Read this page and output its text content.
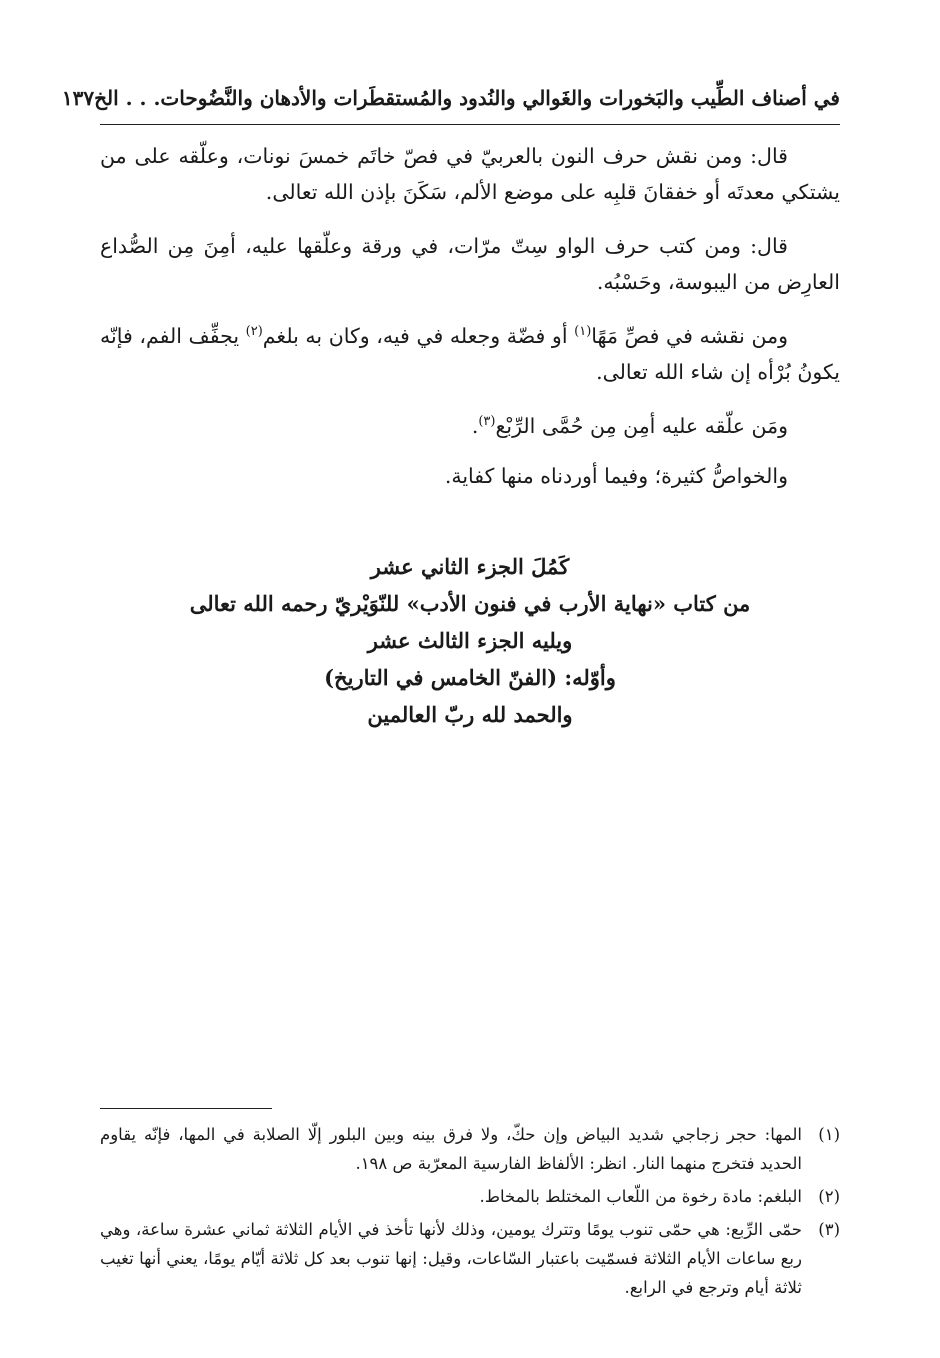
في أصناف الطِّيب والبَخورات والغَوالي والنُدود والمُستقطَرات والأدهان والنَّضُوحات. . . الخ
١٣٧

قال: ومن نقش حرف النون بالعربيّ في فصّ خاتَم خمسَ نونات، وعلّقه على من يشتكي معدتَه أو خفقانَ قلبِه على موضع الألم، سَكَنَ بإذن الله تعالى.

قال: ومن كتب حرف الواو سِتّ مرّات، في ورقة وعلّقها عليه، أمِنَ مِن الصُّداع العارِض من اليبوسة، وحَسْبُه.

ومن نقشه في فصِّ مَهًا$^{(١)}$ أو فضّة وجعله في فيه، وكان به بلغم$^{(٢)}$ يجفِّف الفم، فإنّه يكونُ بُرْأه إن شاء الله تعالى.

ومَن علّقه عليه أمِن مِن حُمَّى الرِّبْع$^{(٣)}$.

والخواصُّ كثيرة؛ وفيما أوردناه منها كفاية.

كَمُلَ الجزء الثاني عشر
من كتاب «نهاية الأرب في فنون الأدب» للنّوَيْريّ رحمه الله تعالى
ويليه الجزء الثالث عشر
وأوّله: (الفنّ الخامس في التاريخ)
والحمد لله ربّ العالمين
(١)
المها: حجر زجاجي شديد البياض وإن حكّ، ولا فرق بينه وبين البلور إلّا الصلابة في المها، فإنّه يقاوم الحديد فتخرج منهما النار. انظر: الألفاظ الفارسية المعرّبة ص ١٩٨.
(٢)
البلغم: مادة رخوة من اللّعاب المختلط بالمخاط.
(٣)
حمّى الرِّبع: هي حمّى تنوب يومًا وتترك يومين، وذلك لأنها تأخذ في الأيام الثلاثة ثماني عشرة ساعة، وهي ربع ساعات الأيام الثلاثة فسمّيت باعتبار السّاعات، وقيل: إنها تنوب بعد كل ثلاثة أيّام يومًا، يعني أنها تغيب ثلاثة أيام وترجع في الرابع.
